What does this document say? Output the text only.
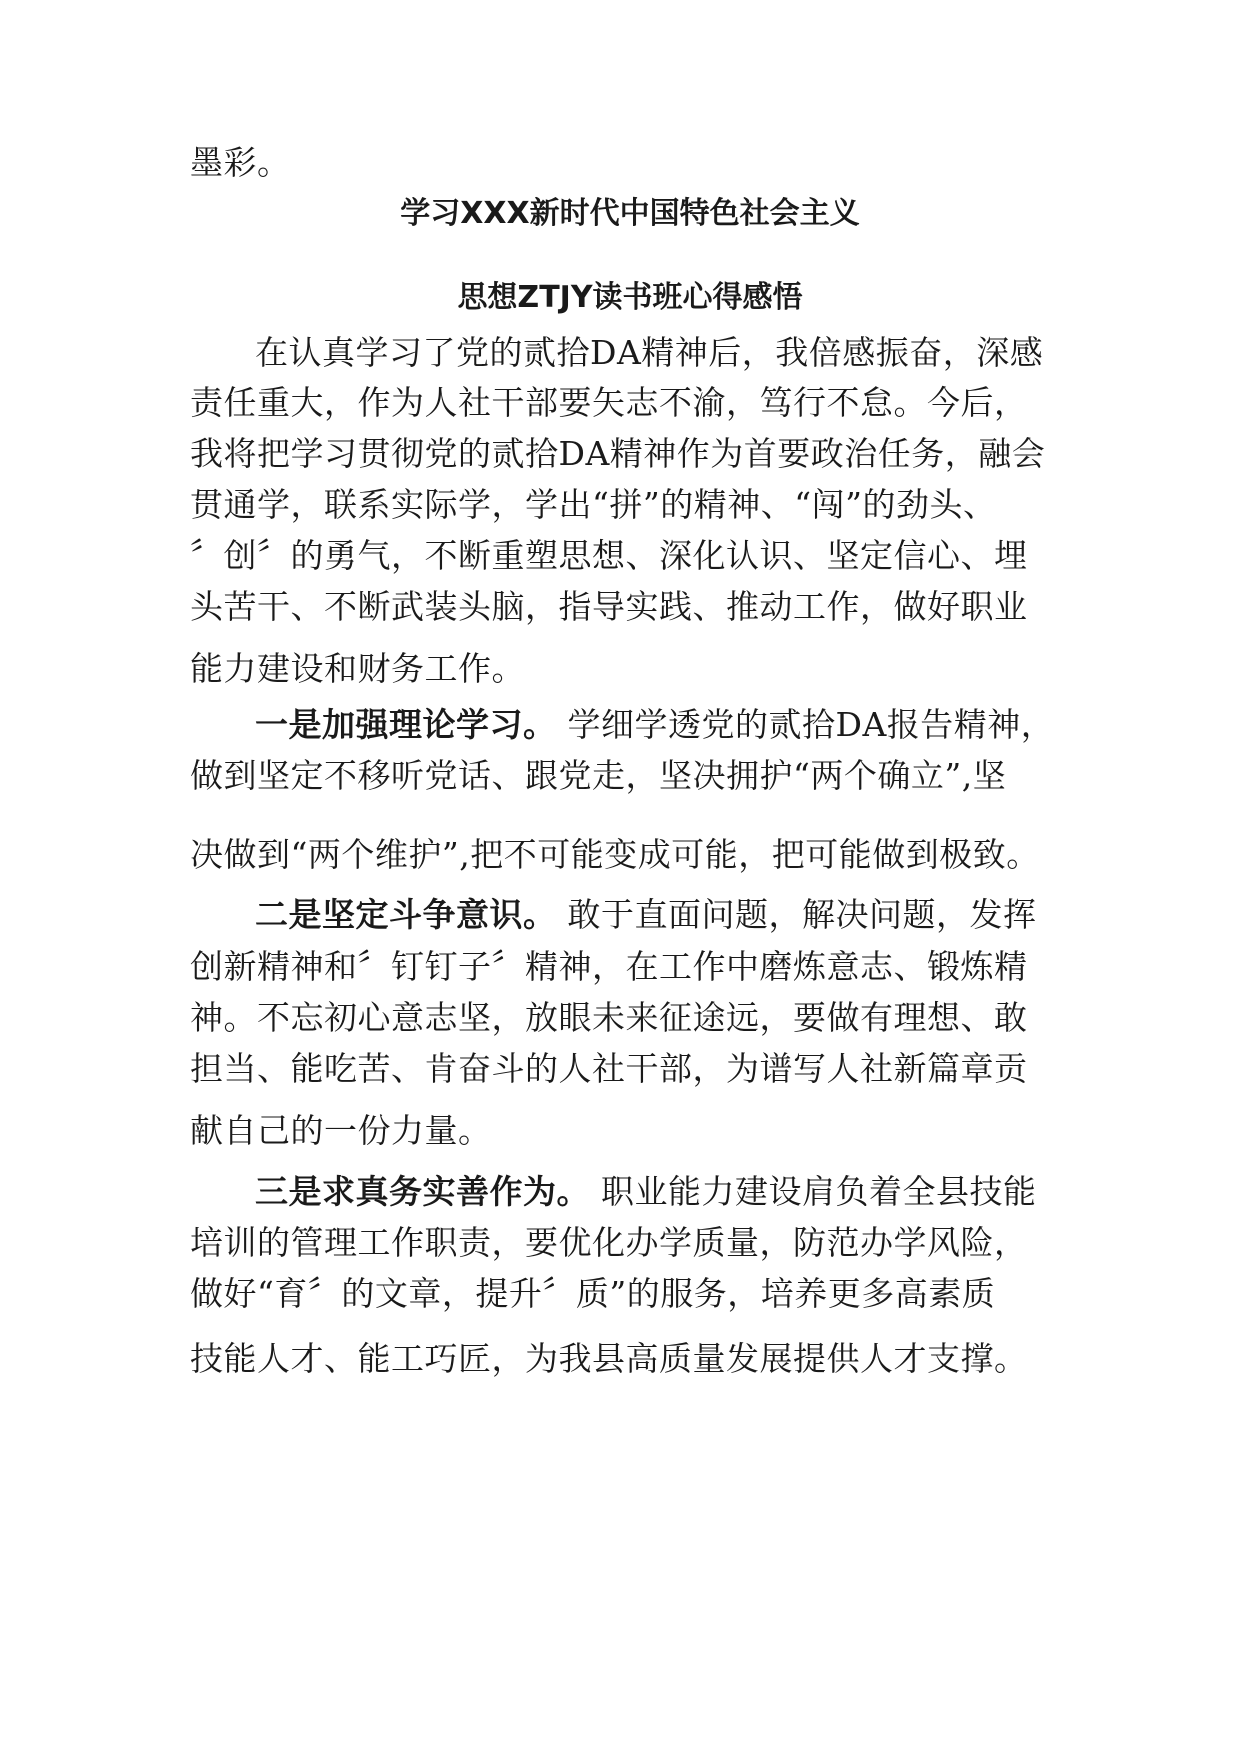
墨彩。
学习XXX新时代中国特色社会主义
思想ZTJY读书班心得感悟
在认真学习了党的贰拾DA精神后，我倍感振奋，深感
责任重大，作为人社干部要矢志不渝，笃行不怠。今后，
我将把学习贯彻党的贰拾DA精神作为首要政治任务，融会
贯通学，联系实际学，学出“拼”的精神、“闯”的劲头、
〞创〞的勇气，不断重塑思想、深化认识、坚定信心、埋
头苦干、不断武装头脑，指导实践、推动工作，做好职业
能力建设和财务工作。
一是加强理论学习。 学细学透党的贰拾DA报告精神，
做到坚定不移听党话、跟党走，坚决拥护“两个确立”,坚
决做到“两个维护”,把不可能变成可能，把可能做到极致。
二是坚定斗争意识。 敢于直面问题，解决问题，发挥
创新精神和〞钉钉子〞精神，在工作中磨炼意志、锻炼精
神。不忘初心意志坚，放眼未来征途远，要做有理想、敢
担当、能吃苦、肯奋斗的人社干部，为谱写人社新篇章贡
献自己的一份力量。
三是求真务实善作为。 职业能力建设肩负着全县技能
培训的管理工作职责，要优化办学质量，防范办学风险，
做好“育〞的文章，提升〞质”的服务，培养更多高素质
技能人才、能工巧匠，为我县高质量发展提供人才支撑。
